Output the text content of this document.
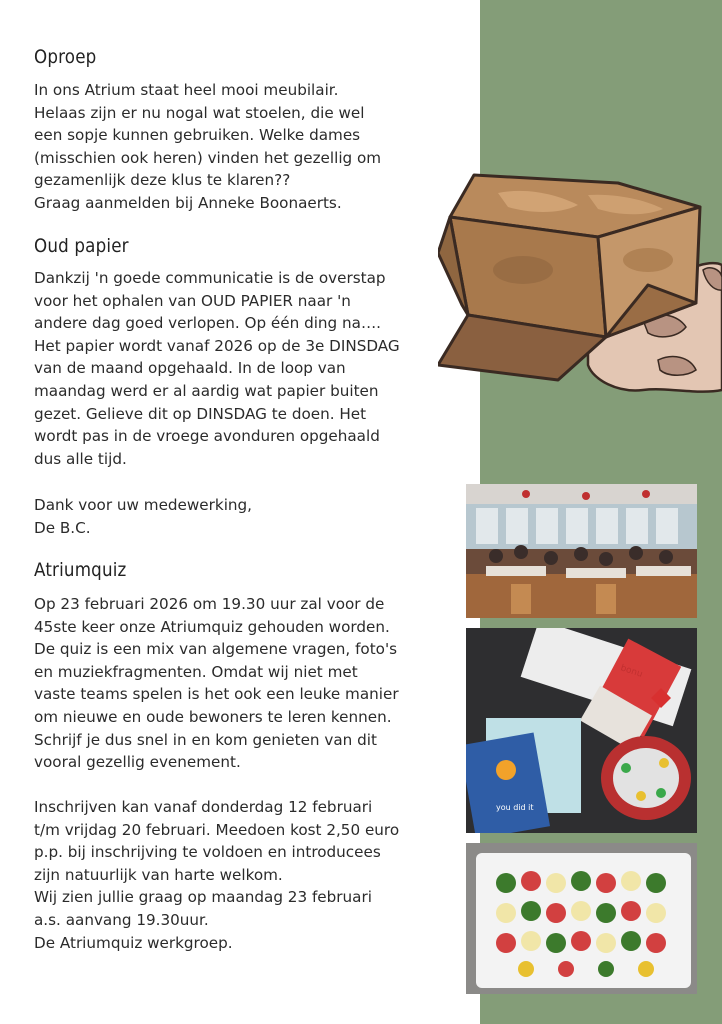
Oproep
In ons Atrium staat heel mooi meubilair.
Helaas zijn er nu nogal wat stoelen, die wel
een sopje kunnen gebruiken. Welke dames
(misschien ook heren) vinden het gezellig om
gezamenlijk deze klus te klaren??
Graag aanmelden bij Anneke Boonaerts.
Oud papier
Dankzij 'n goede communicatie is de overstap
voor het ophalen van OUD PAPIER naar 'n
andere dag goed verlopen. Op één ding na….
Het papier wordt vanaf 2026 op de 3e DINSDAG
van de maand opgehaald. In de loop van
maandag werd er al aardig wat papier buiten
gezet. Gelieve dit op DINSDAG te doen. Het
wordt pas in de vroege avonduren opgehaald
dus alle tijd.
Dank voor uw medewerking,
De B.C.
Atriumquiz
Op 23 februari 2026 om 19.30 uur zal voor de
45ste keer onze Atriumquiz gehouden worden.
De quiz is een mix van algemene vragen, foto's
en muziekfragmenten. Omdat wij niet met
vaste teams spelen is het ook een leuke manier
om nieuwe en oude bewoners te leren kennen.
Schrijf je dus snel in en kom genieten van dit
vooral gezellig evenement.
Inschrijven kan vanaf donderdag 12 februari
t/m vrijdag 20 februari. Meedoen kost 2,50 euro
p.p. bij inschrijving te voldoen en introducees
zijn natuurlijk van harte welkom.
Wij zien jullie graag op maandag 23 februari
a.s. aanvang 19.30uur.
De Atriumquiz werkgroep.
bonu
you did it
